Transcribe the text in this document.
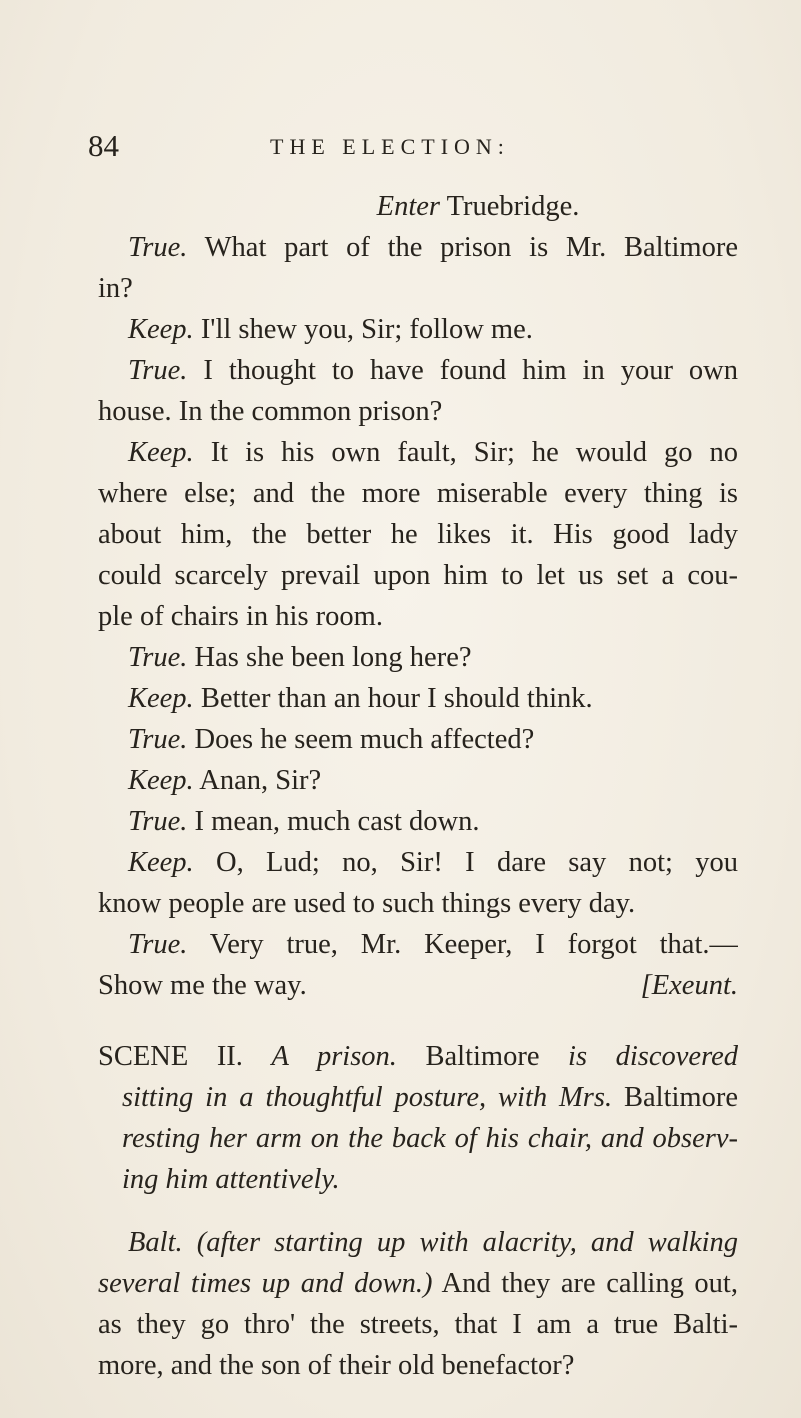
84	THE ELECTION:
Enter Truebridge.
True. What part of the prison is Mr. Baltimore
in?
Keep. I'll shew you, Sir; follow me.
True. I thought to have found him in your own
house. In the common prison?
Keep. It is his own fault, Sir; he would go no
where else; and the more miserable every thing is
about him, the better he likes it. His good lady
could scarcely prevail upon him to let us set a cou-
ple of chairs in his room.
True. Has she been long here?
Keep. Better than an hour I should think.
True. Does he seem much affected?
Keep. Anan, Sir?
True. I mean, much cast down.
Keep. O, Lud; no, Sir! I dare say not; you
know people are used to such things every day.
True. Very true, Mr. Keeper, I forgot that.—
Show me the way.	[Exeunt.
SCENE II. A prison. Baltimore is discovered
sitting in a thoughtful posture, with Mrs. Baltimore
resting her arm on the back of his chair, and observ-
ing him attentively.
Balt. (after starting up with alacrity, and walking
several times up and down.) And they are calling out,
as they go thro' the streets, that I am a true Balti-
more, and the son of their old benefactor?
